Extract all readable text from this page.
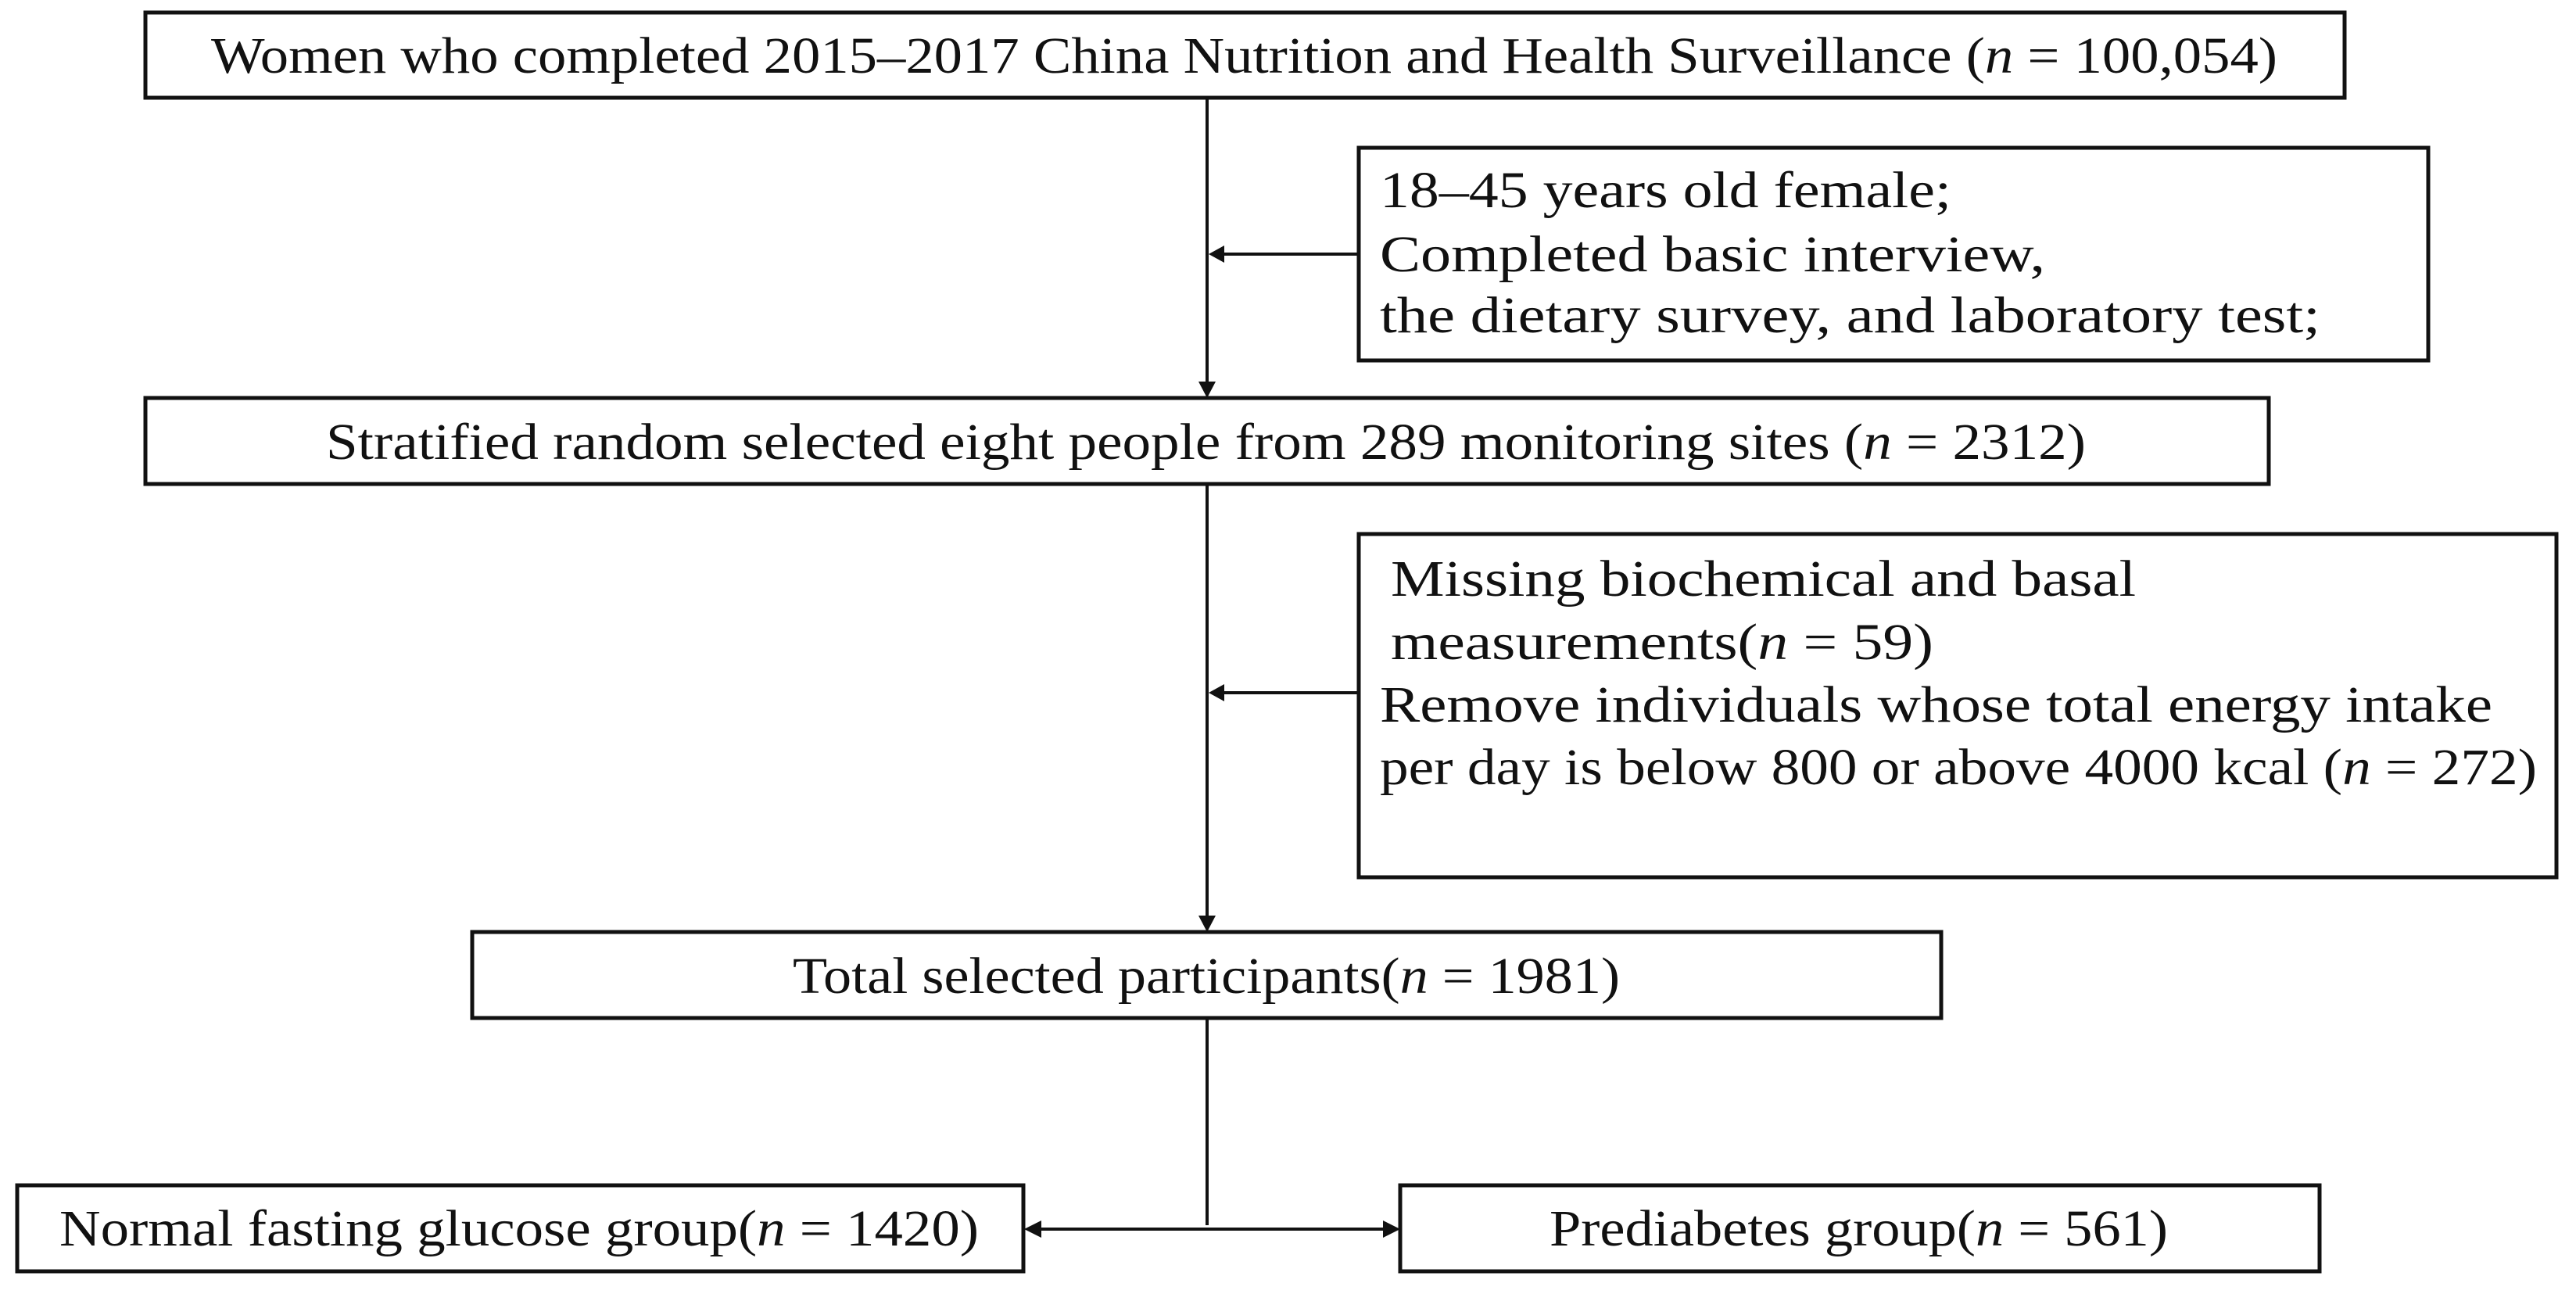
Women who completed 2015–2017 China Nutrition and Health Surveillance (	n = 100,054)
18–45 years old female;
Completed basic interview,
the dietary survey, and laboratory test;
Stratified random selected eight people from 289 monitoring sites (	n = 2312)
Missing biochemical and basal
measurements( n = 59)
Remove individuals whose total energy intake
per day is below 800 or above 4000 kcal ( n = 272)
Total selected participants( n = 1981)
Normal fasting glucose group( n = 1420)	Prediabetes group( n = 561)
